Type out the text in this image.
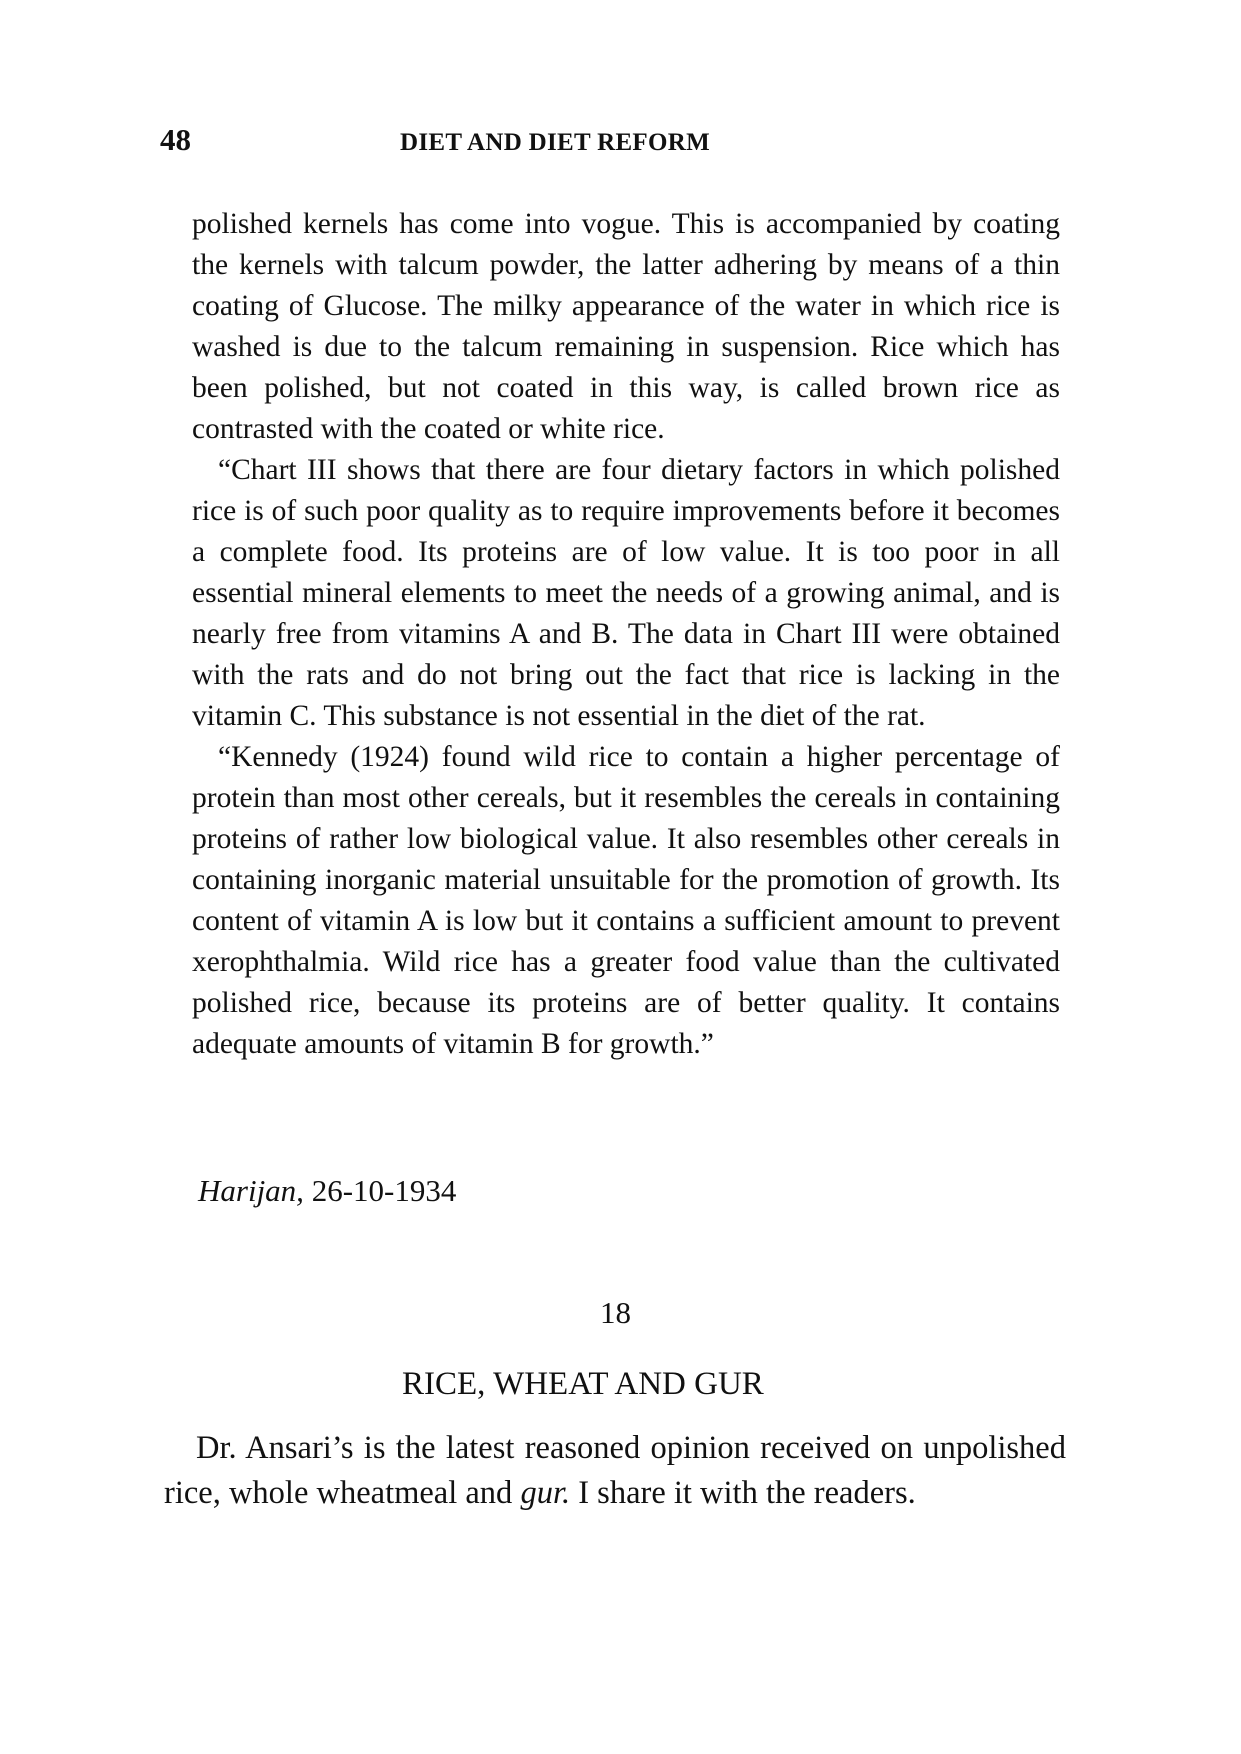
48	DIET AND DIET REFORM

polished kernels has come into vogue. This is accompanied by coating the kernels with talcum powder, the latter adhering by means of a thin coating of Glucose. The milky appearance of the water in which rice is washed is due to the talcum remaining in suspension. Rice which has been polished, but not coated in this way, is called brown rice as contrasted with the coated or white rice.

“Chart III shows that there are four dietary factors in which polished rice is of such poor quality as to require improvements before it becomes a complete food. Its proteins are of low value. It is too poor in all essential mineral elements to meet the needs of a growing animal, and is nearly free from vitamins A and B. The data in Chart III were obtained with the rats and do not bring out the fact that rice is lacking in the vitamin C. This substance is not essential in the diet of the rat.

“Kennedy (1924) found wild rice to contain a higher percentage of protein than most other cereals, but it resembles the cereals in containing proteins of rather low biological value. It also resembles other cereals in containing inorganic material unsuitable for the promotion of growth. Its content of vitamin A is low but it contains a sufficient amount to prevent xerophthalmia. Wild rice has a greater food value than the cultivated polished rice, because its proteins are of better quality. It contains adequate amounts of vitamin B for growth.”

Harijan, 26-10-1934
18
RICE, WHEAT AND GUR

Dr. Ansari’s is the latest reasoned opinion received on unpolished rice, whole wheatmeal and gur. I share it with the readers.
